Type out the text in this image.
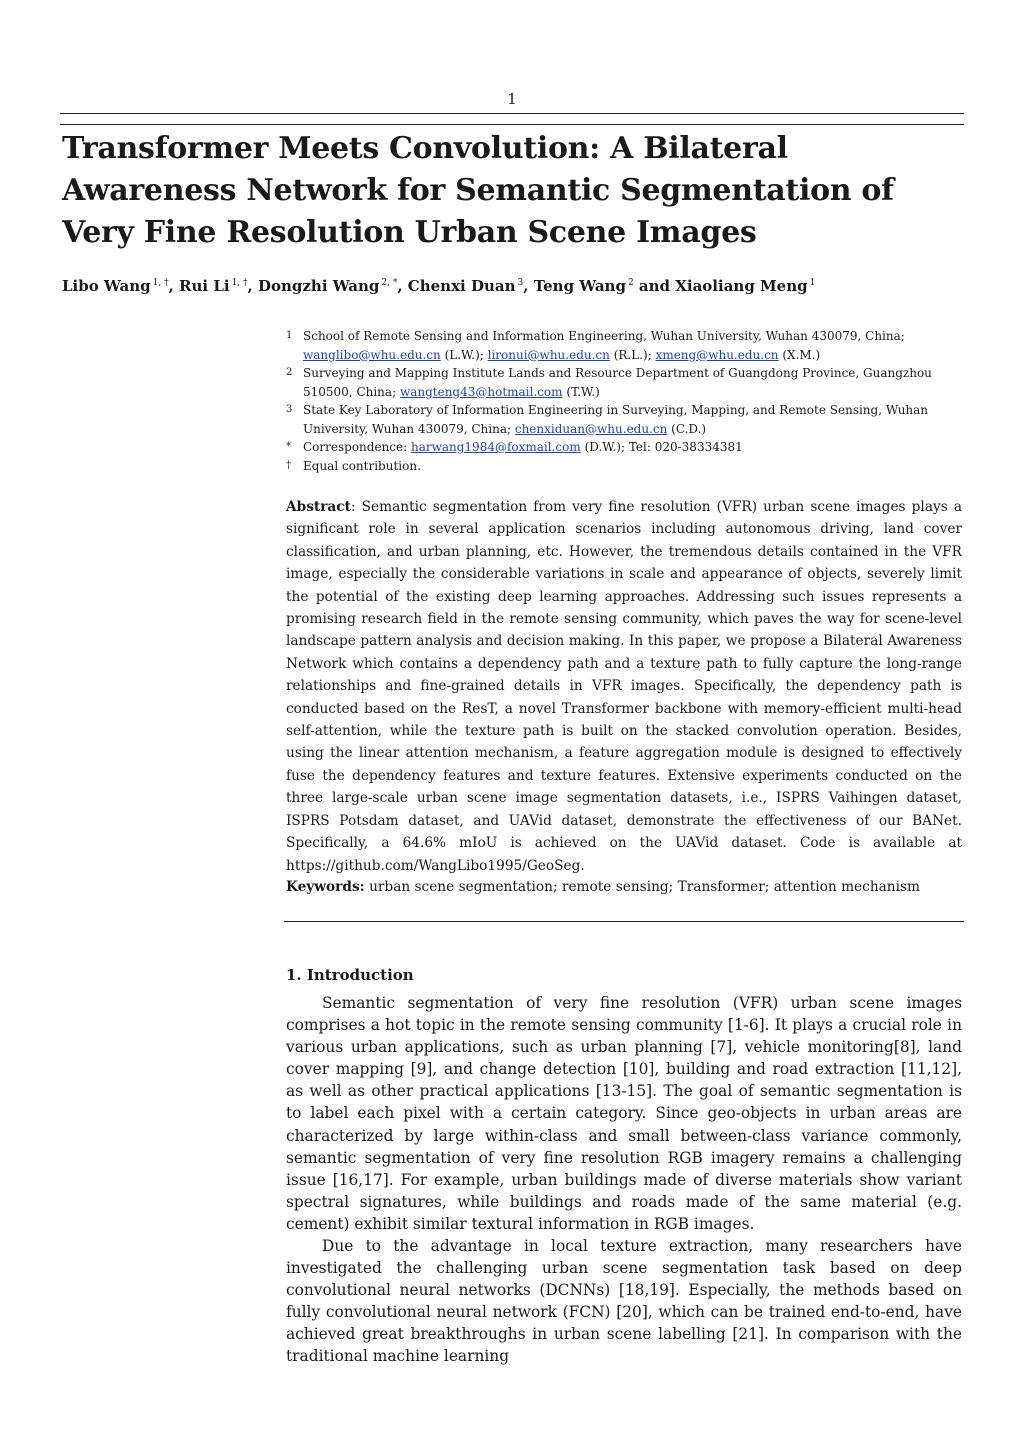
1
Transformer Meets Convolution: A Bilateral Awareness Network for Semantic Segmentation of Very Fine Resolution Urban Scene Images
Libo Wang $^{1, \dagger}$, Rui Li $^{1, \dagger}$, Dongzhi Wang $^{2, *}$, Chenxi Duan $^3$, Teng Wang $^2$ and Xiaoliang Meng $^1$
1 School of Remote Sensing and Information Engineering, Wuhan University, Wuhan 430079, China;
wanglibo@whu.edu.cn (L.W.); lironui@whu.edu.cn (R.L.); xmeng@whu.edu.cn (X.M.)
2 Surveying and Mapping Institute Lands and Resource Department of Guangdong Province, Guangzhou 510500, China; wangteng43@hotmail.com (T.W.)
3 State Key Laboratory of Information Engineering in Surveying, Mapping, and Remote Sensing, Wuhan University, Wuhan 430079, China; chenxiduan@whu.edu.cn (C.D.)
*	Correspondence: harwang1984@foxmail.com (D.W.); Tel: 020-38334381
†	Equal contribution.
Abstract: Semantic segmentation from very fine resolution (VFR) urban scene images plays a significant role in several application scenarios including autonomous driving, land cover classification, and urban planning, etc. However, the tremendous details contained in the VFR image, especially the considerable variations in scale and appearance of objects, severely limit the potential of the existing deep learning approaches. Addressing such issues represents a promising research field in the remote sensing community, which paves the way for scene-level landscape pattern analysis and decision making. In this paper, we propose a Bilateral Awareness Network which contains a dependency path and a texture path to fully capture the long-range relationships and fine-grained details in VFR images. Specifically, the dependency path is conducted based on the ResT, a novel Transformer backbone with memory-efficient multi-head self-attention, while the texture path is built on the stacked convolution operation. Besides, using the linear attention mechanism, a feature aggregation module is designed to effectively fuse the dependency features and texture features. Extensive experiments conducted on the three large-scale urban scene image segmentation datasets, i.e., ISPRS Vaihingen dataset, ISPRS Potsdam dataset, and UAVid dataset, demonstrate the effectiveness of our BANet. Specifically, a 64.6% mIoU is achieved on the UAVid dataset. Code is available at https://github.com/WangLibo1995/GeoSeg.
Keywords: urban scene segmentation; remote sensing; Transformer; attention mechanism
1. Introduction

Semantic segmentation of very fine resolution (VFR) urban scene images comprises a hot topic in the remote sensing community [1-6]. It plays a crucial role in various urban applications, such as urban planning [7], vehicle monitoring[8], land cover mapping [9], and change detection [10], building and road extraction [11,12], as well as other practical applications [13-15]. The goal of semantic segmentation is to label each pixel with a certain category. Since geo-objects in urban areas are characterized by large within-class and small between-class variance commonly, semantic segmentation of very fine resolution RGB imagery remains a challenging issue [16,17]. For example, urban buildings made of diverse materials show variant spectral signatures, while buildings and roads made of the same material (e.g. cement) exhibit similar textural information in RGB images.

Due to the advantage in local texture extraction, many researchers have investigated the challenging urban scene segmentation task based on deep convolutional neural networks (DCNNs) [18,19]. Especially, the methods based on fully convolutional neural network (FCN) [20], which can be trained end-to-end, have achieved great breakthroughs in urban scene labelling [21]. In comparison with the traditional machine learning
